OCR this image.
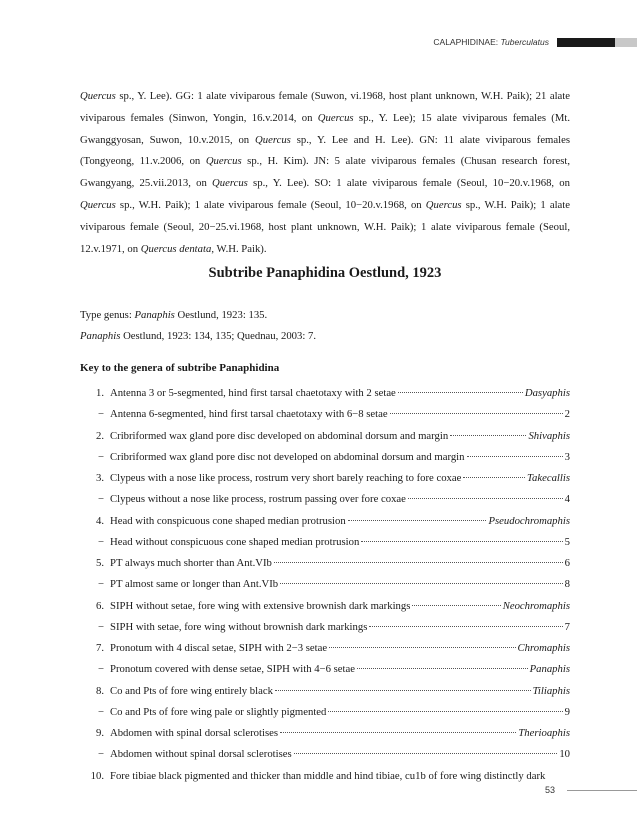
CALAPHIDINAE:
Tuberculatus
Quercus sp., Y. Lee). GG: 1 alate viviparous female (Suwon, vi.1968, host plant unknown, W.H. Paik); 21 alate viviparous females (Sinwon, Yongin, 16.v.2014, on Quercus sp., Y. Lee); 15 alate viviparous females (Mt. Gwanggyosan, Suwon, 10.v.2015, on Quercus sp., Y. Lee and H. Lee). GN: 11 alate viviparous females (Tongyeong, 11.v.2006, on Quercus sp., H. Kim). JN: 5 alate viviparous females (Chusan research forest, Gwangyang, 25.vii.2013, on Quercus sp., Y. Lee). SO: 1 alate viviparous female (Seoul, 10−20.v.1968, on Quercus sp., W.H. Paik); 1 alate viviparous female (Seoul, 10−20.v.1968, on Quercus sp., W.H. Paik); 1 alate viviparous female (Seoul, 20−25.vi.1968, host plant unknown, W.H. Paik); 1 alate viviparous female (Seoul, 12.v.1971, on Quercus dentata, W.H. Paik).
Subtribe Panaphidina Oestlund, 1923
Type genus: Panaphis Oestlund, 1923: 135.
Panaphis Oestlund, 1923: 134, 135; Quednau, 2003: 7.
Key to the genera of subtribe Panaphidina
1. Antenna 3 or 5-segmented, hind first tarsal chaetotaxy with 2 setae	Dasyaphis
− Antenna 6-segmented, hind first tarsal chaetotaxy with 6−8 setae	2
2. Cribriformed wax gland pore disc developed on abdominal dorsum and margin	Shivaphis
− Cribriformed wax gland pore disc not developed on abdominal dorsum and margin	3
3. Clypeus with a nose like process, rostrum very short barely reaching to fore coxae	Takecallis
− Clypeus without a nose like process, rostrum passing over fore coxae	4
4. Head with conspicuous cone shaped median protrusion	Pseudochromaphis
− Head without conspicuous cone shaped median protrusion	5
5. PT always much shorter than Ant.VIb	6
− PT almost same or longer than Ant.VIb	8
6. SIPH without setae, fore wing with extensive brownish dark markings	Neochromaphis
− SIPH with setae, fore wing without brownish dark markings	7
7. Pronotum with 4 discal setae, SIPH with 2−3 setae	Chromaphis
− Pronotum covered with dense setae, SIPH with 4−6 setae	Panaphis
8. Co and Pts of fore wing entirely black	Tiliaphis
− Co and Pts of fore wing pale or slightly pigmented	9
9. Abdomen with spinal dorsal sclerotises	Therioaphis
− Abdomen without spinal dorsal sclerotises	10
10. Fore tibiae black pigmented and thicker than middle and hind tibiae, cu1b of fore wing distinctly dark
53
